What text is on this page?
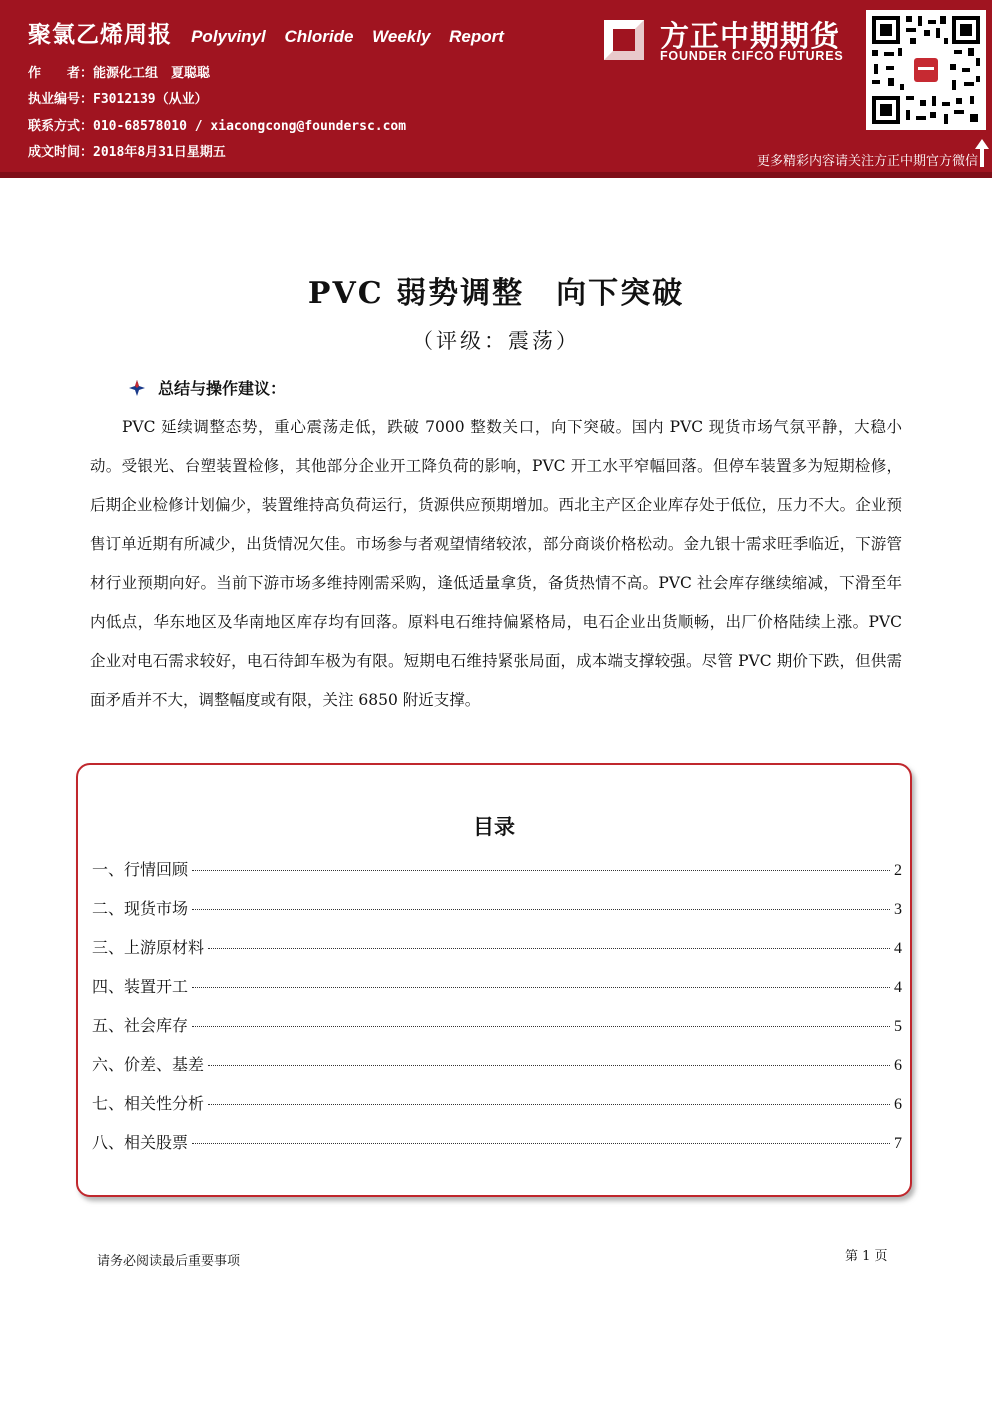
聚氯乙烯周报 Polyvinyl Chloride Weekly Report
作　　者：能源化工组　夏聪聪
执业编号：F3012139（从业）
联系方式：010-68578010 / xiacongcong@foundersc.com
成文时间：2018年8月31日星期五
方正中期期货
FOUNDER CIFCO FUTURES
更多精彩内容请关注方正中期官方微信
PVC 弱势调整　向下突破
（评级：震荡）
总结与操作建议：
PVC 延续调整态势，重心震荡走低，跌破 7000 整数关口，向下突破。国内 PVC 现货市场气氛平静，大稳小动。受银光、台塑装置检修，其他部分企业开工降负荷的影响，PVC 开工水平窄幅回落。但停车装置多为短期检修，后期企业检修计划偏少，装置维持高负荷运行，货源供应预期增加。西北主产区企业库存处于低位，压力不大。企业预售订单近期有所减少，出货情况欠佳。市场参与者观望情绪较浓，部分商谈价格松动。金九银十需求旺季临近，下游管材行业预期向好。当前下游市场多维持刚需采购，逢低适量拿货，备货热情不高。PVC 社会库存继续缩减，下滑至年内低点，华东地区及华南地区库存均有回落。原料电石维持偏紧格局，电石企业出货顺畅，出厂价格陆续上涨。PVC 企业对电石需求较好，电石待卸车极为有限。短期电石维持紧张局面，成本端支撑较强。尽管 PVC 期价下跌，但供需面矛盾并不大，调整幅度或有限，关注 6850 附近支撑。
目录
一、行情回顾	2
二、现货市场	3
三、上游原材料	4
四、装置开工	4
五、社会库存	5
六、价差、基差	6
七、相关性分析	6
八、相关股票	7
请务必阅读最后重要事项	第 1 页
